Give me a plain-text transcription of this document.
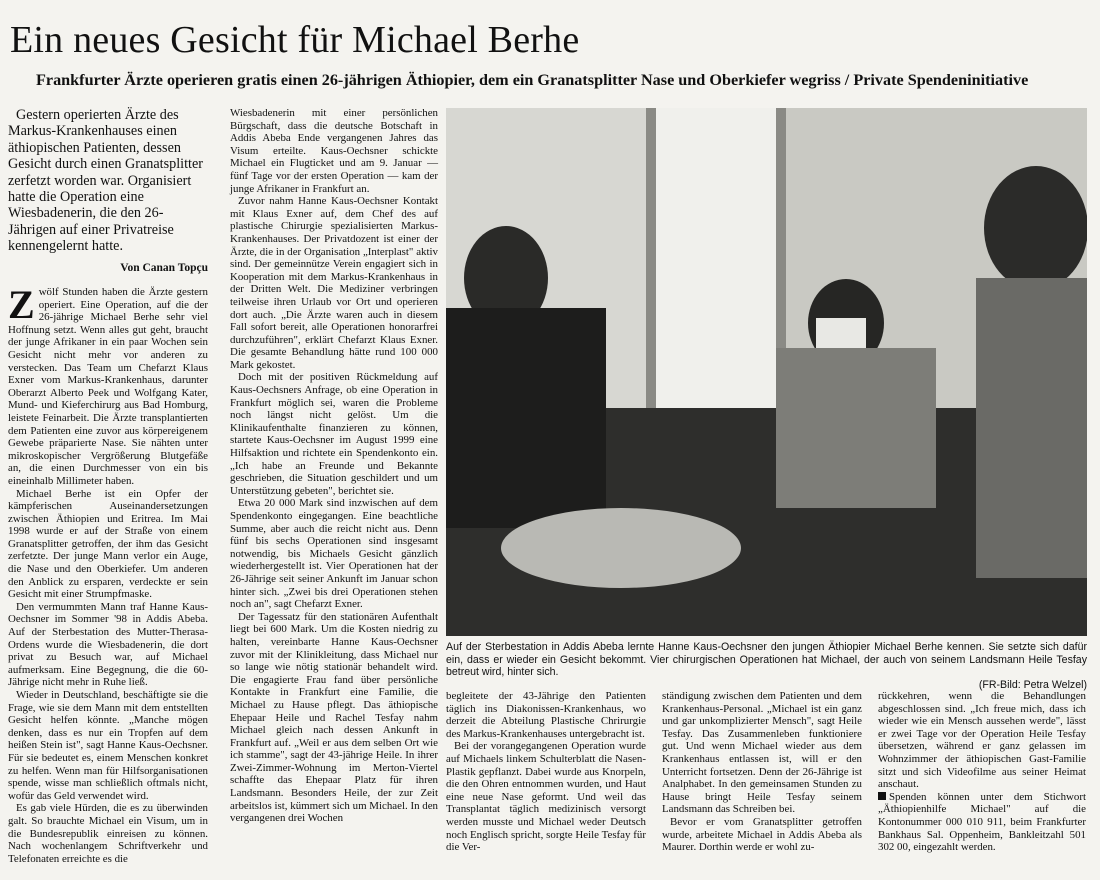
Ein neues Gesicht für Michael Berhe
Frankfurter Ärzte operieren gratis einen 26-jährigen Äthiopier, dem ein Granatsplitter Nase und Oberkiefer wegriss / Private Spendeninitiative

Gestern operierten Ärzte des Markus-Krankenhauses einen äthiopischen Patienten, dessen Gesicht durch einen Granatsplitter zerfetzt worden war. Organisiert hatte die Operation eine Wiesbadenerin, die den 26-Jährigen auf einer Privatreise kennengelernt hatte.

Von Canan Topçu

Zwölf Stunden haben die Ärzte gestern operiert. Eine Operation, auf die der 26-jährige Michael Berhe sehr viel Hoffnung setzt. Wenn alles gut geht, braucht der junge Afrikaner in ein paar Wochen sein Gesicht nicht mehr vor anderen zu verstecken. Das Team um Chefarzt Klaus Exner vom Markus-Krankenhaus, darunter Oberarzt Alberto Peek und Wolfgang Kater, Mund- und Kieferchirurg aus Bad Homburg, leistete Feinarbeit. Die Ärzte transplantierten dem Patienten eine zuvor aus körpereigenem Gewebe präparierte Nase. Sie nähten unter mikroskopischer Vergrößerung Blutgefäße an, die einen Durchmesser von ein bis eineinhalb Millimeter haben.

Michael Berhe ist ein Opfer der kämpferischen Auseinandersetzungen zwischen Äthiopien und Eritrea. Im Mai 1998 wurde er auf der Straße von einem Granatsplitter getroffen, der ihm das Gesicht zerfetzte. Der junge Mann verlor ein Auge, die Nase und den Oberkiefer. Um anderen den Anblick zu ersparen, verdeckte er sein Gesicht mit einer Strumpfmaske.

Den vermummten Mann traf Hanne Kaus-Oechsner im Sommer '98 in Addis Abeba. Auf der Sterbestation des Mutter-Therasa-Ordens wurde die Wiesbadenerin, die dort privat zu Besuch war, auf Michael aufmerksam. Eine Begegnung, die die 60-Jährige nicht mehr in Ruhe ließ.

Wieder in Deutschland, beschäftigte sie die Frage, wie sie dem Mann mit dem entstellten Gesicht helfen könnte. „Manche mögen denken, dass es nur ein Tropfen auf dem heißen Stein ist", sagt Hanne Kaus-Oechsner. Für sie bedeutet es, einem Menschen konkret zu helfen. Wenn man für Hilfsorganisationen spende, wisse man schließlich oftmals nicht, wofür das Geld verwendet wird.

Es gab viele Hürden, die es zu überwinden galt. So brauchte Michael ein Visum, um in die Bundesrepublik einreisen zu können. Nach wochenlangem Schriftverkehr und Telefonaten erreichte es die

Wiesbadenerin mit einer persönlichen Bürgschaft, dass die deutsche Botschaft in Addis Abeba Ende vergangenen Jahres das Visum erteilte. Kaus-Oechsner schickte Michael ein Flugticket und am 9. Januar — fünf Tage vor der ersten Operation — kam der junge Afrikaner in Frankfurt an.

Zuvor nahm Hanne Kaus-Oechsner Kontakt mit Klaus Exner auf, dem Chef des auf plastische Chirurgie spezialisierten Markus-Krankenhauses. Der Privatdozent ist einer der Ärzte, die in der Organisation „Interplast" aktiv sind. Der gemeinnütze Verein engagiert sich in Kooperation mit dem Markus-Krankenhaus in der Dritten Welt. Die Mediziner verbringen teilweise ihren Urlaub vor Ort und operieren dort auch. „Die Ärzte waren auch in diesem Fall sofort bereit, alle Operationen honorarfrei durchzuführen", erklärt Chefarzt Klaus Exner. Die gesamte Behandlung hätte rund 100 000 Mark gekostet.

Doch mit der positiven Rückmeldung auf Kaus-Oechsners Anfrage, ob eine Operation in Frankfurt möglich sei, waren die Probleme noch längst nicht gelöst. Um die Klinikaufenthalte finanzieren zu können, startete Kaus-Oechsner im August 1999 eine Hilfsaktion und richtete ein Spendenkonto ein. „Ich habe an Freunde und Bekannte geschrieben, die Situation geschildert und um Unterstützung gebeten", berichtet sie.

Etwa 20 000 Mark sind inzwischen auf dem Spendenkonto eingegangen. Eine beachtliche Summe, aber auch die reicht nicht aus. Denn fünf bis sechs Operationen sind insgesamt notwendig, bis Michaels Gesicht gänzlich wiederhergestellt ist. Vier Operationen hat der 26-Jährige seit seiner Ankunft im Januar schon hinter sich. „Zwei bis drei Operationen stehen noch an", sagt Chefarzt Exner.

Der Tagessatz für den stationären Aufenthalt liegt bei 600 Mark. Um die Kosten niedrig zu halten, vereinbarte Hanne Kaus-Oechsner zuvor mit der Klinikleitung, dass Michael nur so lange wie nötig stationär behandelt wird. Die engagierte Frau fand über persönliche Kontakte in Frankfurt eine Familie, die Michael zu Hause pflegt. Das äthiopische Ehepaar Heile und Rachel Tesfay nahm Michael gleich nach dessen Ankunft in Frankfurt auf. „Weil er aus dem selben Ort wie ich stamme", sagt der 43-jährige Heile. In ihrer Zwei-Zimmer-Wohnung im Merton-Viertel schaffte das Ehepaar Platz für ihren Landsmann. Besonders Heile, der zur Zeit arbeitslos ist, kümmert sich um Michael. In den vergangenen drei Wochen

Auf der Sterbestation in Addis Abeba lernte Hanne Kaus-Oechsner den jungen Äthiopier Michael Berhe kennen. Sie setzte sich dafür ein, dass er wieder ein Gesicht bekommt. Vier chirurgischen Operationen hat Michael, der auch von seinem Landsmann Heile Tesfay betreut wird, hinter sich.
(FR-Bild: Petra Welzel)

begleitete der 43-Jährige den Patienten täglich ins Diakonissen-Krankenhaus, wo derzeit die Abteilung Plastische Chrirurgie des Markus-Krankenhauses untergebracht ist.

Bei der vorangegangenen Operation wurde auf Michaels linkem Schulterblatt die Nasen-Plastik gepflanzt. Dabei wurde aus Knorpeln, die den Ohren entnommen wurden, und Haut eine neue Nase geformt. Und weil das Transplantat täglich medizinisch versorgt werden musste und Michael weder Deutsch noch Englisch spricht, sorgte Heile Tesfay für die Ver-

ständigung zwischen dem Patienten und dem Krankenhaus-Personal. „Michael ist ein ganz und gar unkomplizierter Mensch", sagt Heile Tesfay. Das Zusammenleben funktioniere gut. Und wenn Michael wieder aus dem Krankenhaus entlassen ist, will er den Unterricht fortsetzen. Denn der 26-Jährige ist Analphabet. In den gemeinsamen Stunden zu Hause bringt Heile Tesfay seinem Landsmann das Schreiben bei.

Bevor er vom Granatsplitter getroffen wurde, arbeitete Michael in Addis Abeba als Maurer. Dorthin werde er wohl zu-

rückkehren, wenn die Behandlungen abgeschlossen sind. „Ich freue mich, dass ich wieder wie ein Mensch aussehen werde", lässt er zwei Tage vor der Operation Heile Tesfay übersetzen, während er ganz gelassen im Wohnzimmer der äthiopischen Gast-Familie sitzt und sich Videofilme aus seiner Heimat anschaut.

Spenden können unter dem Stichwort „Äthiopienhilfe Michael" auf die Kontonummer 000 010 911, beim Frankfurter Bankhaus Sal. Oppenheim, Bankleitzahl 501 302 00, eingezahlt werden.
